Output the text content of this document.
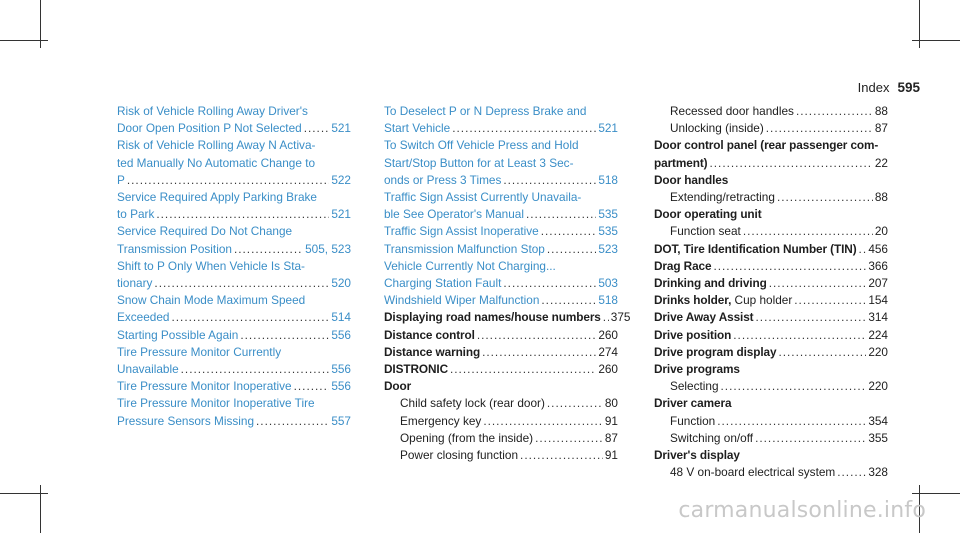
Index 595
Risk of Vehicle Rolling Away Driver's
Door Open Position P Not Selected .....	521
Risk of Vehicle Rolling Away N Activa-
ted Manually No Automatic Change to
P .....	522
Service Required Apply Parking Brake
to Park .....	521
Service Required Do Not Change
Transmission Position .....	505, 523
Shift to P Only When Vehicle Is Sta-
tionary .....	520
Snow Chain Mode Maximum Speed
Exceeded .....	514
Starting Possible Again .....	556
Tire Pressure Monitor Currently
Unavailable .....	556
Tire Pressure Monitor Inoperative .....	556
Tire Pressure Monitor Inoperative Tire
Pressure Sensors Missing .....	557
To Deselect P or N Depress Brake and
Start Vehicle .....	521
To Switch Off Vehicle Press and Hold
Start/Stop Button for at Least 3 Sec-
onds or Press 3 Times .....	518
Traffic Sign Assist Currently Unavaila-
ble See Operator's Manual .....	535
Traffic Sign Assist Inoperative .....	535
Transmission Malfunction Stop .....	523
Vehicle Currently Not Charging...
Charging Station Fault .....	503
Windshield Wiper Malfunction .....	518
Displaying road names/house numbers ..... 375
Distance control .....	260
Distance warning .....	274
DISTRONIC .....	260
Door
Child safety lock (rear door) .....	80
Emergency key .....	91
Opening (from the inside) .....	87
Power closing function .....	91
Recessed door handles .....	88
Unlocking (inside) .....	87
Door control panel (rear passenger com-
partment) .....	22
Door handles
Extending/retracting .....	88
Door operating unit
Function seat .....	20
DOT, Tire Identification Number (TIN) ..... 456
Drag Race .....	366
Drinking and driving .....	207
Drinks holder, Cup holder .....	154
Drive Away Assist .....	314
Drive position .....	224
Drive program display .....	220
Drive programs
Selecting .....	220
Driver camera
Function .....	354
Switching on/off .....	355
Driver's display
48 V on-board electrical system .....	328
carmanualsonline.info
